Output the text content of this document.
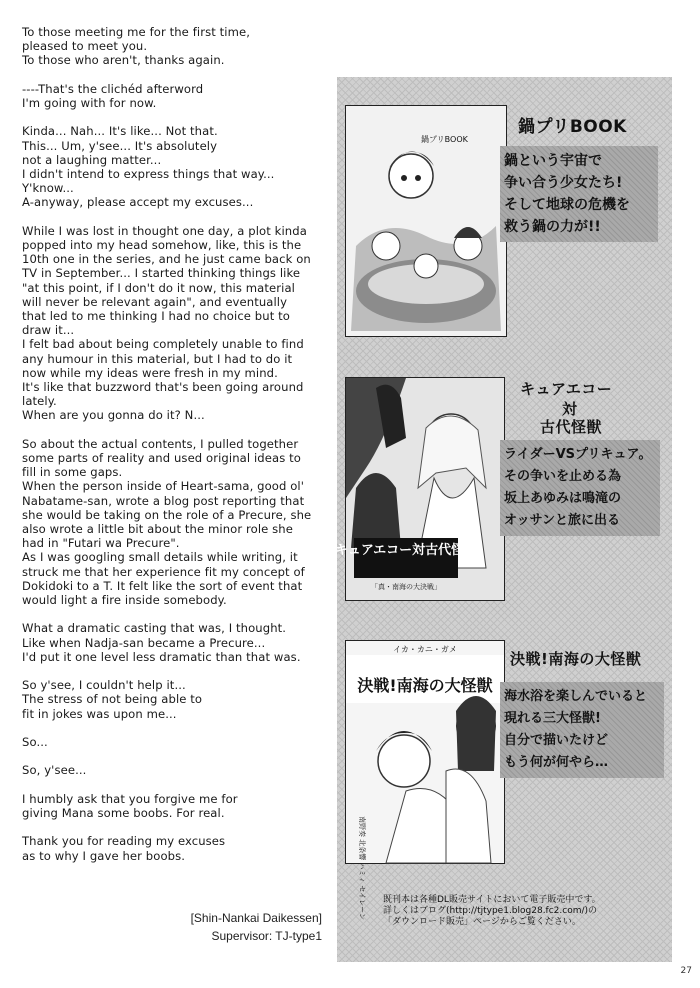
To those meeting me for the first time,
pleased to meet you.
To those who aren't, thanks again.

----That's the clichéd afterword
I'm going with for now.

Kinda... Nah... It's like... Not that.
This... Um, y'see... It's absolutely
not a laughing matter...
I didn't intend to express things that way...
Y'know...
A-anyway, please accept my excuses...

While I was lost in thought one day, a plot kinda
popped into my head somehow, like, this is the
10th one in the series, and he just came back on
TV in September... I started thinking things like
"at this point, if I don't do it now, this material
will never be relevant again", and eventually
that led to me thinking I had no choice but to
draw it...
I felt bad about being completely unable to find
any humour in this material, but I had to do it
now while my ideas were fresh in my mind.
It's like that buzzword that's been going around
lately.
When are you gonna do it? N...

So about the actual contents, I pulled together
some parts of reality and used original ideas to
fill in some gaps.
When the person inside of Heart-sama, good ol'
Nabatame-san, wrote a blog post reporting that
she would be taking on the role of a Precure, she
also wrote a little bit about the minor role she
had in "Futari wa Precure".
As I was googling small details while writing, it
struck me that her experience fit my concept of
Dokidoki to a T. It felt like the sort of event that
would light a fire inside somebody.

What a dramatic casting that was, I thought.
Like when Nadja-san became a Precure...
I'd put it one level less dramatic than that was.

So y'see, I couldn't help it...
The stress of not being able to
fit in jokes was upon me...

So...

So, y'see...

I humbly ask that you forgive me for
giving Mana some boobs. For real.

Thank you for reading my excuses
as to why I gave her boobs.

[Shin-Nankai Daikessen]
Supervisor: TJ-type1
鍋プリBOOK
鍋プリBOOK
鍋という宇宙で
争い合う少女たち!
そして地球の危機を
救う鍋の力が!!
キュアエコー対古代怪獣
「真・南海の大決戦」
キュアエコー
対
古代怪獣
ライダーVSプリキュア。
その争いを止める為
坂上あゆみは鳴滝の
オッサンと旅に出る
イカ・カニ・ガメ
決戦!南海の大怪獣
南野奏 北条響 ハミィ セイレーン
決戦!南海の大怪獣
海水浴を楽しんでいると
現れる三大怪獣!
自分で描いたけど
もう何が何やら…
既刊本は各種DL販売サイトにおいて電子販売中です。
詳しくはブログ(http://tjtype1.blog28.fc2.com/)の
「ダウンロード販売」ページからご覧ください。
27
